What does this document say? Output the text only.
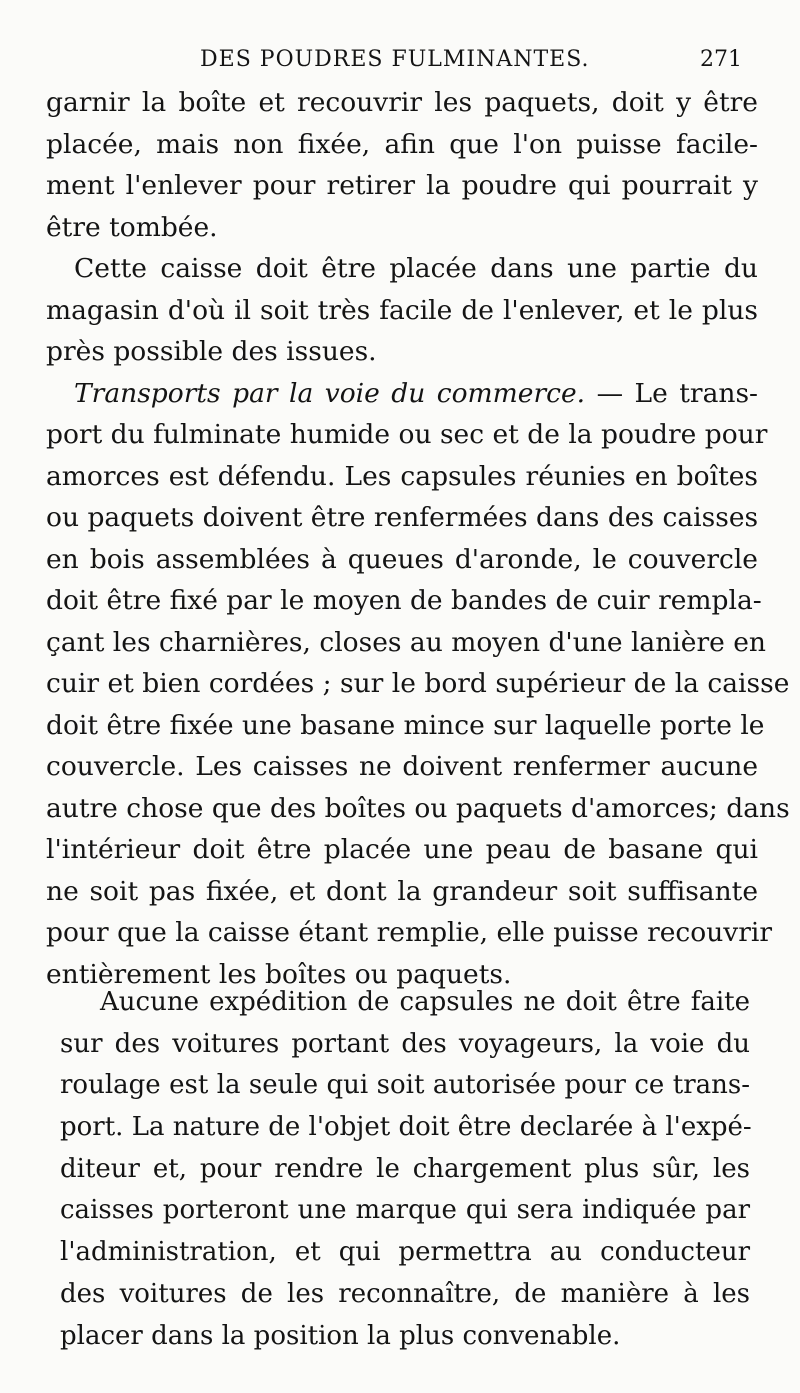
DES POUDRES FULMINANTES.	271
garnir la boîte et recouvrir les paquets, doit y être
placée, mais non fixée, afin que l'on puisse facile-
ment l'enlever pour retirer la poudre qui pourrait y
être tombée.
Cette caisse doit être placée dans une partie du
magasin d'où il soit très facile de l'enlever, et le plus
près possible des issues.
Transports par la voie du commerce. — Le trans-
port du fulminate humide ou sec et de la poudre pour
amorces est défendu. Les capsules réunies en boîtes
ou paquets doivent être renfermées dans des caisses
en bois assemblées à queues d'aronde, le couvercle
doit être fixé par le moyen de bandes de cuir rempla-
çant les charnières, closes au moyen d'une lanière en
cuir et bien cordées ; sur le bord supérieur de la caisse
doit être fixée une basane mince sur laquelle porte le
couvercle. Les caisses ne doivent renfermer aucune
autre chose que des boîtes ou paquets d'amorces; dans
l'intérieur doit être placée une peau de basane qui
ne soit pas fixée, et dont la grandeur soit suffisante
pour que la caisse étant remplie, elle puisse recouvrir
entièrement les boîtes ou paquets.
Aucune expédition de capsules ne doit être faite
sur des voitures portant des voyageurs, la voie du
roulage est la seule qui soit autorisée pour ce trans-
port. La nature de l'objet doit être declarée à l'expé-
diteur et, pour rendre le chargement plus sûr, les
caisses porteront une marque qui sera indiquée par
l'administration, et qui permettra au conducteur
des voitures de les reconnaître, de manière à les
placer dans la position la plus convenable.
